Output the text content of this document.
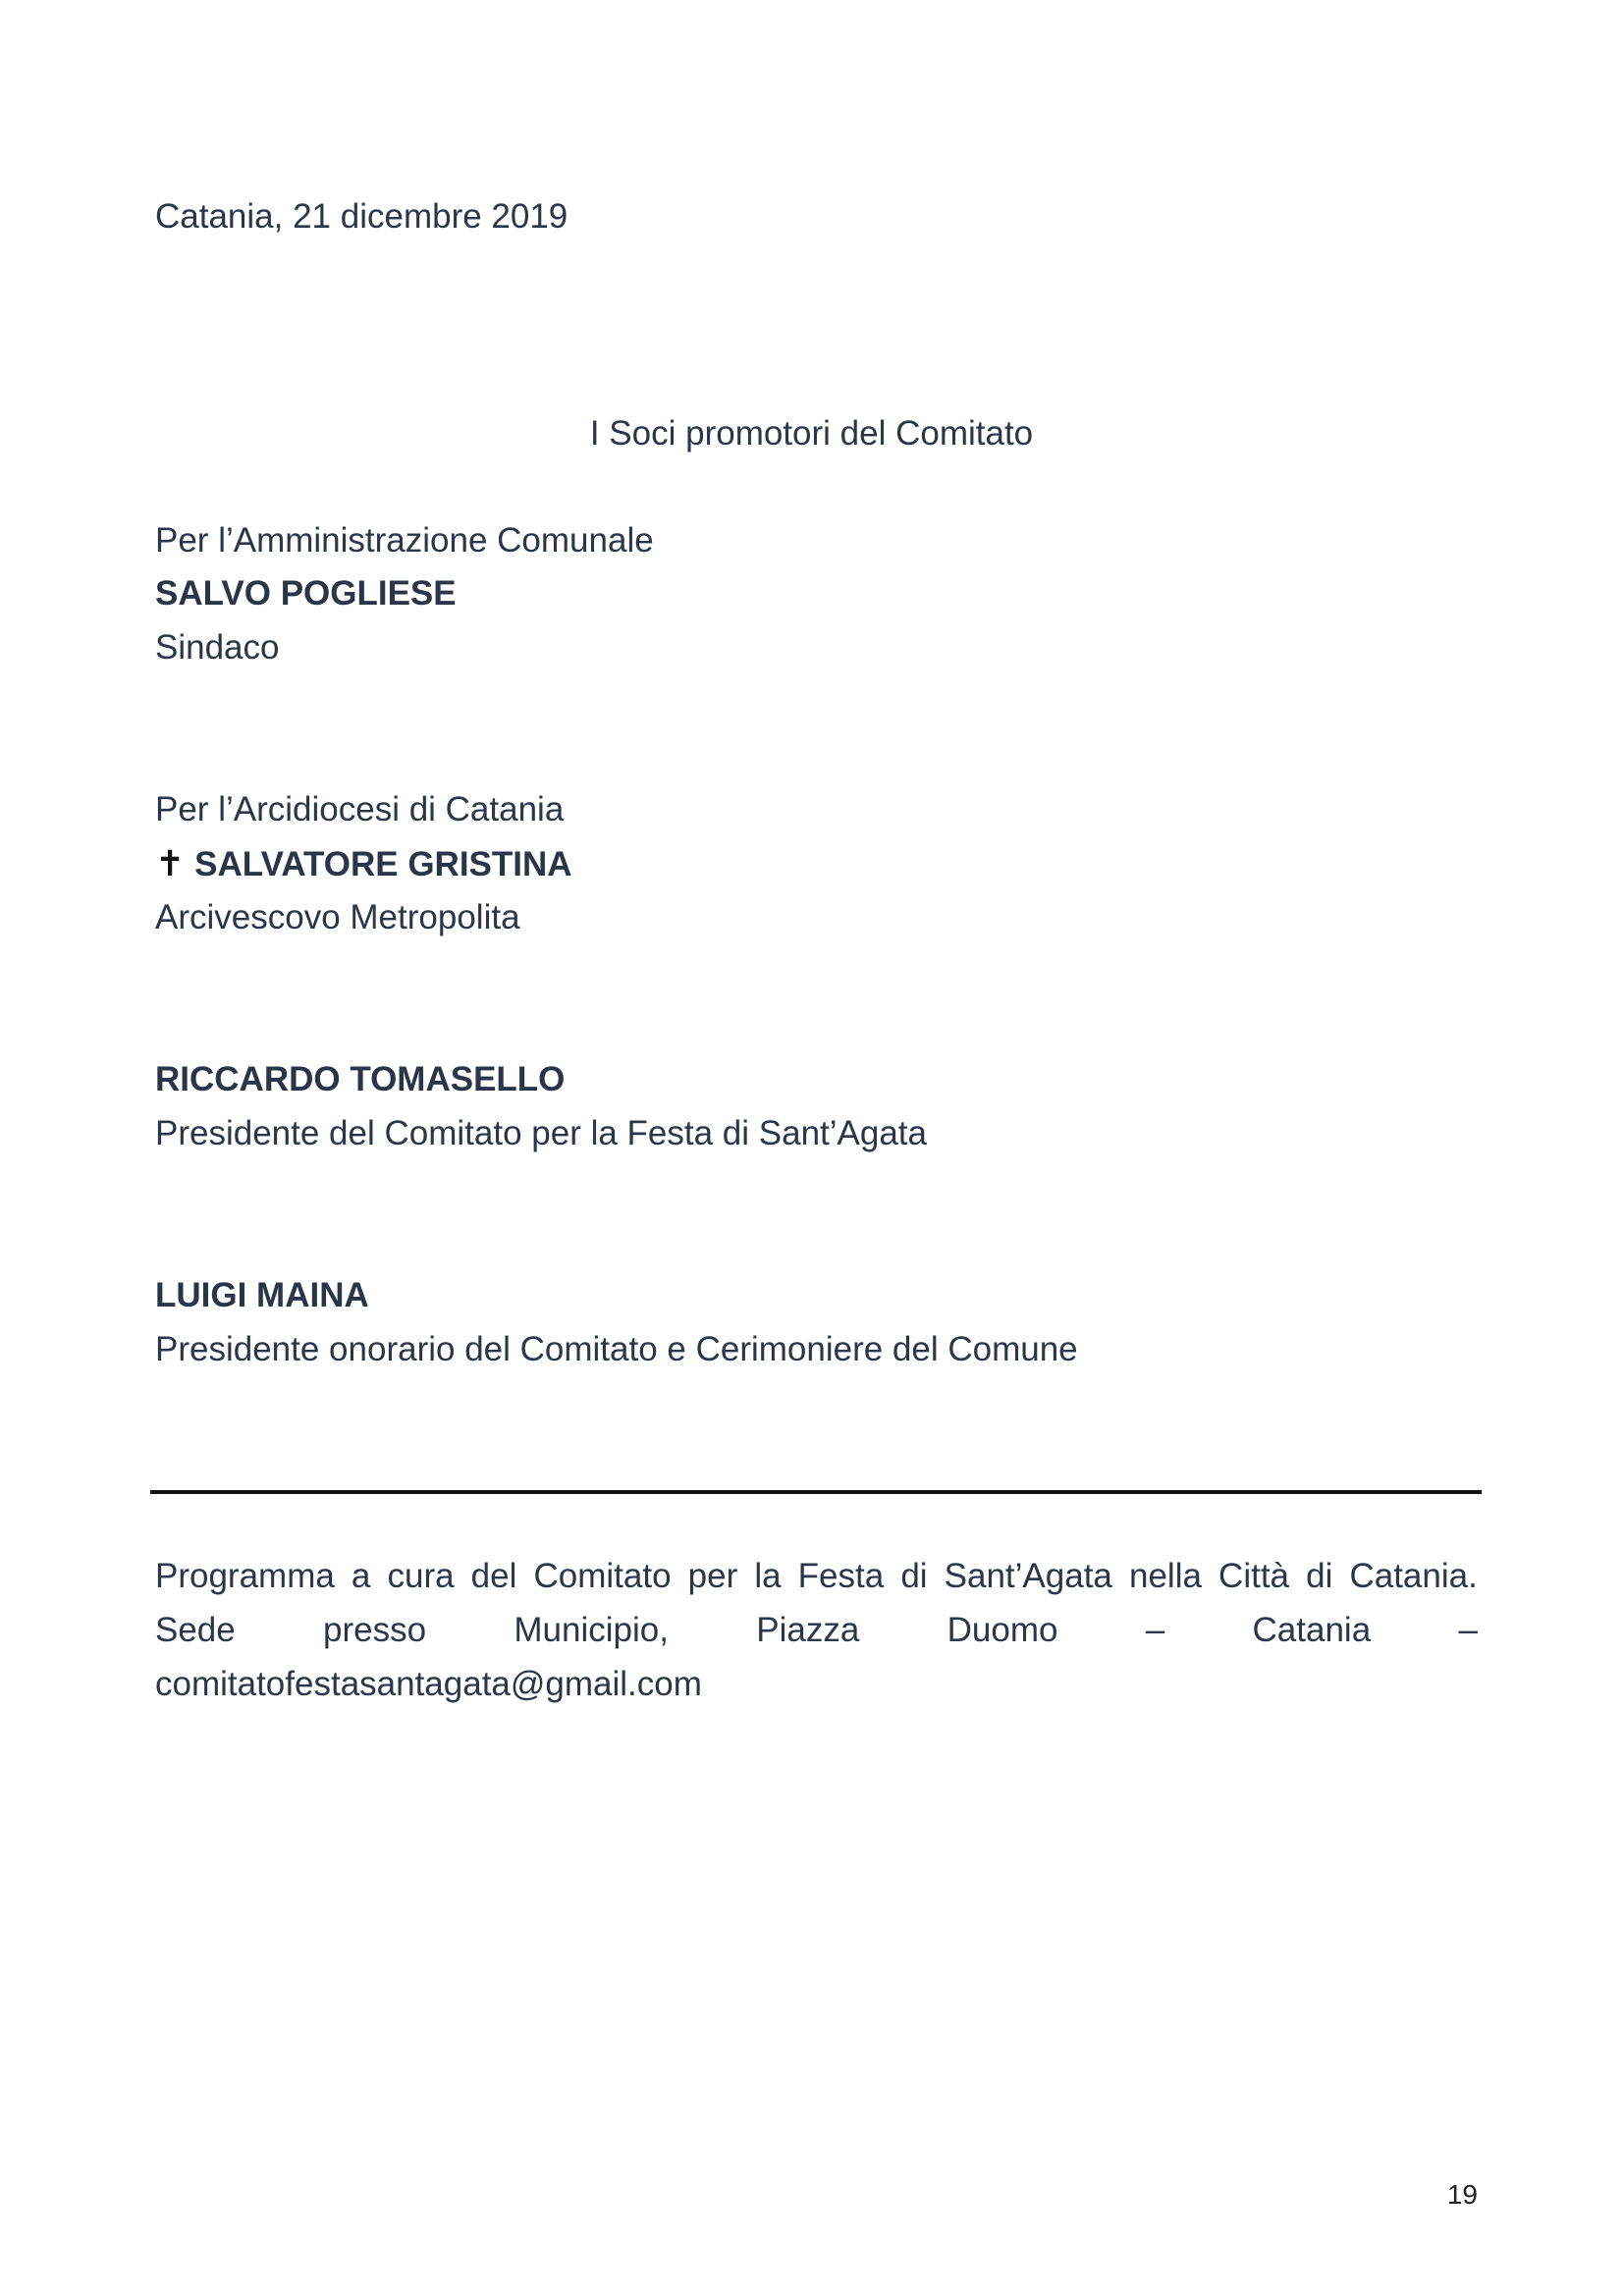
Catania, 21 dicembre 2019
I Soci promotori del Comitato
Per l’Amministrazione Comunale
SALVO POGLIESE
Sindaco
Per l’Arcidiocesi di Catania
✝ SALVATORE GRISTINA
Arcivescovo Metropolita
RICCARDO TOMASELLO
Presidente del Comitato per la Festa di Sant’Agata
LUIGI MAINA
Presidente onorario del Comitato e Cerimoniere del Comune
Programma a cura del Comitato per la Festa di Sant’Agata nella Città di Catania.
Sede	presso	Municipio,	Piazza	Duomo	–	Catania	–
comitatofestasantagata@gmail.com
19
